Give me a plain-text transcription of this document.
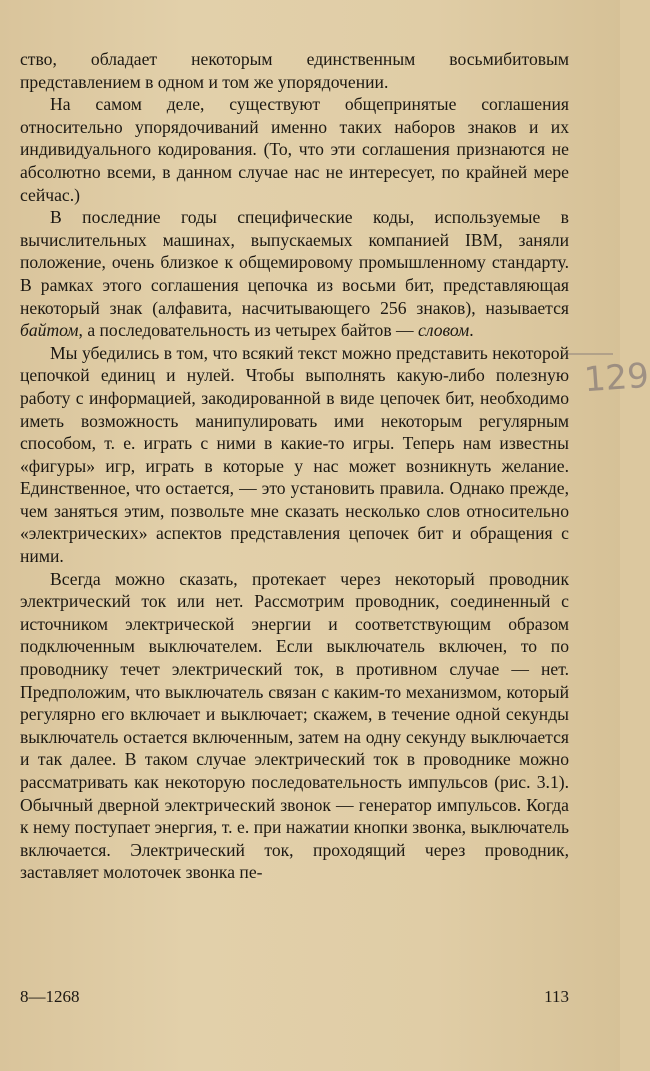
ство, обладает некоторым единственным восьмибитовым представлением в одном и том же упорядочении.

На самом деле, существуют общепринятые соглашения относительно упорядочиваний именно таких наборов знаков и их индивидуального кодирования. (То, что эти соглашения признаются не абсолютно всеми, в данном случае нас не интересует, по крайней мере сейчас.)

В последние годы специфические коды, используемые в вычислительных машинах, выпускаемых компанией IBM, заняли положение, очень близкое к общемировому промышленному стандарту. В рамках этого соглашения цепочка из восьми бит, представляющая некоторый знак (алфавита, насчитывающего 256 знаков), называется байтом, а последовательность из четырех байтов — словом.

Мы убедились в том, что всякий текст можно представить некоторой цепочкой единиц и нулей. Чтобы выполнять какую-либо полезную работу с информацией, закодированной в виде цепочек бит, необходимо иметь возможность манипулировать ими некоторым регулярным способом, т. е. играть с ними в какие-то игры. Теперь нам известны «фигуры» игр, играть в которые у нас может возникнуть желание. Единственное, что остается, — это установить правила. Однако прежде, чем заняться этим, позвольте мне сказать несколько слов относительно «электрических» аспектов представления цепочек бит и обращения с ними.

Всегда можно сказать, протекает через некоторый проводник электрический ток или нет. Рассмотрим проводник, соединенный с источником электрической энергии и соответствующим образом подключенным выключателем. Если выключатель включен, то по проводнику течет электрический ток, в противном случае — нет. Предположим, что выключатель связан с каким-то механизмом, который регулярно его включает и выключает; скажем, в течение одной секунды выключатель остается включенным, затем на одну секунду выключается и так далее. В таком случае электрический ток в проводнике можно рассматривать как некоторую последовательность импульсов (рис. 3.1). Обычный дверной электрический звонок — генератор импульсов. Когда к нему поступает энергия, т. е. при нажатии кнопки звонка, выключатель включается. Электрический ток, проходящий через проводник, заставляет молоточек звонка пе-

129
8—1268	113
